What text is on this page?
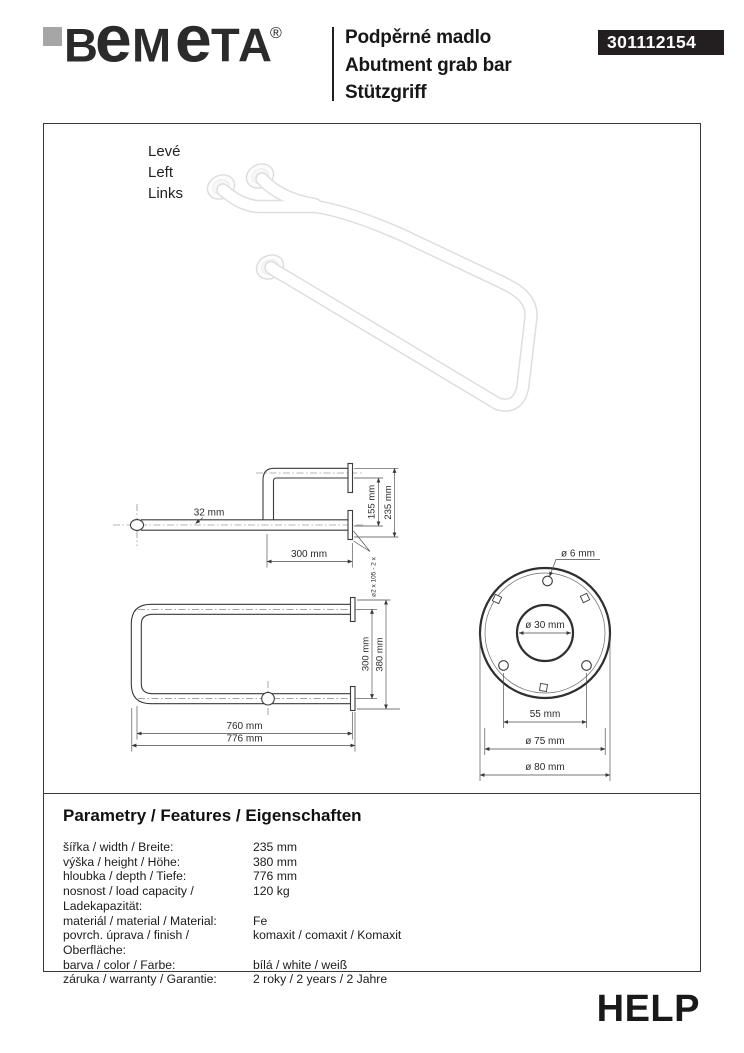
B
e M e T
A
®	Podpěrné madlo

Abutment grab bar

Stützgriff

301112154
Levé
Left
Links
32 mm	155 mm 235 mm
300 mm
⌀2 x 105 - 2 x
300 mm 380 mm
760 mm
776 mm
ø 6 mm
ø 30 mm
55 mm
ø 75 mm
ø 80 mm
Parametry / Features / Eigenschaften
šířka / width / Breite:	235 mm
výška / height / Höhe:	380 mm
hloubka / depth / Tiefe:	776 mm
nosnost / load capacity / Ladekapazität:
120 kg
materiál / material / Material:	Fe
povrch. úprava / finish / Oberfläche:
komaxit / comaxit / Komaxit
barva / color / Farbe:	bílá / white / weiß
záruka / warranty / Garantie:	2 roky / 2 years / 2 Jahre
HELP
